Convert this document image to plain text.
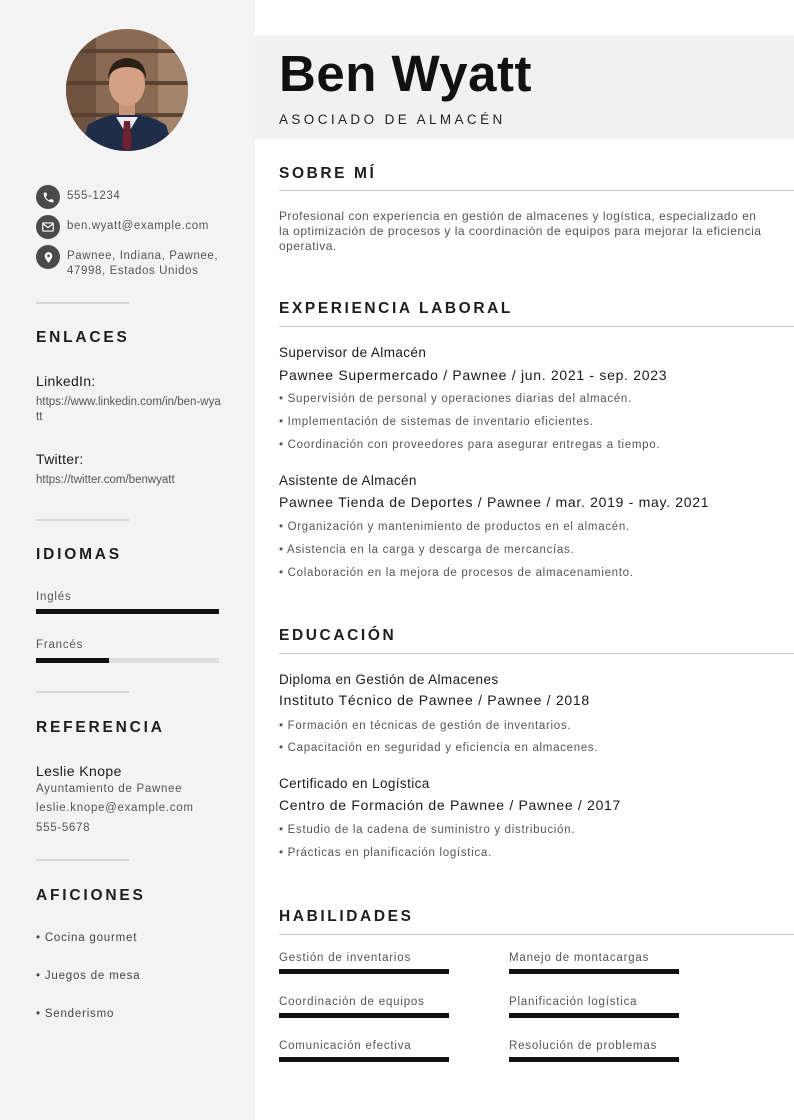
555-1234
ben.wyatt@example.com
Pawnee, Indiana, Pawnee,
47998, Estados Unidos
ENLACES
LinkedIn:
https://www.linkedin.com/in/ben-wyatt
Twitter:
https://twitter.com/benwyatt
IDIOMAS
Inglés
Francés
REFERENCIA
Leslie Knope
Ayuntamiento de Pawnee
leslie.knope@example.com
555-5678
AFICIONES
• Cocina gourmet
• Juegos de mesa
• Senderismo
Ben Wyatt
ASOCIADO DE ALMACÉN
SOBRE MÍ
Profesional con experiencia en gestión de almacenes y logística, especializado en la optimización de procesos y la coordinación de equipos para mejorar la eficiencia operativa.
EXPERIENCIA LABORAL
Supervisor de Almacén
Pawnee Supermercado / Pawnee / jun. 2021 - sep. 2023
• Supervisión de personal y operaciones diarias del almacén.
• Implementación de sistemas de inventario eficientes.
• Coordinación con proveedores para asegurar entregas a tiempo.
Asistente de Almacén
Pawnee Tienda de Deportes / Pawnee / mar. 2019 - may. 2021
• Organización y mantenimiento de productos en el almacén.
• Asistencia en la carga y descarga de mercancías.
• Colaboración en la mejora de procesos de almacenamiento.
EDUCACIÓN
Diploma en Gestión de Almacenes
Instituto Técnico de Pawnee / Pawnee / 2018
• Formación en técnicas de gestión de inventarios.
• Capacitación en seguridad y eficiencia en almacenes.
Certificado en Logística
Centro de Formación de Pawnee / Pawnee / 2017
• Estudio de la cadena de suministro y distribución.
• Prácticas en planificación logística.
HABILIDADES
Gestión de inventarios	Manejo de montacargas
Coordinación de equipos	Planificación logística
Comunicación efectiva	Resolución de problemas
